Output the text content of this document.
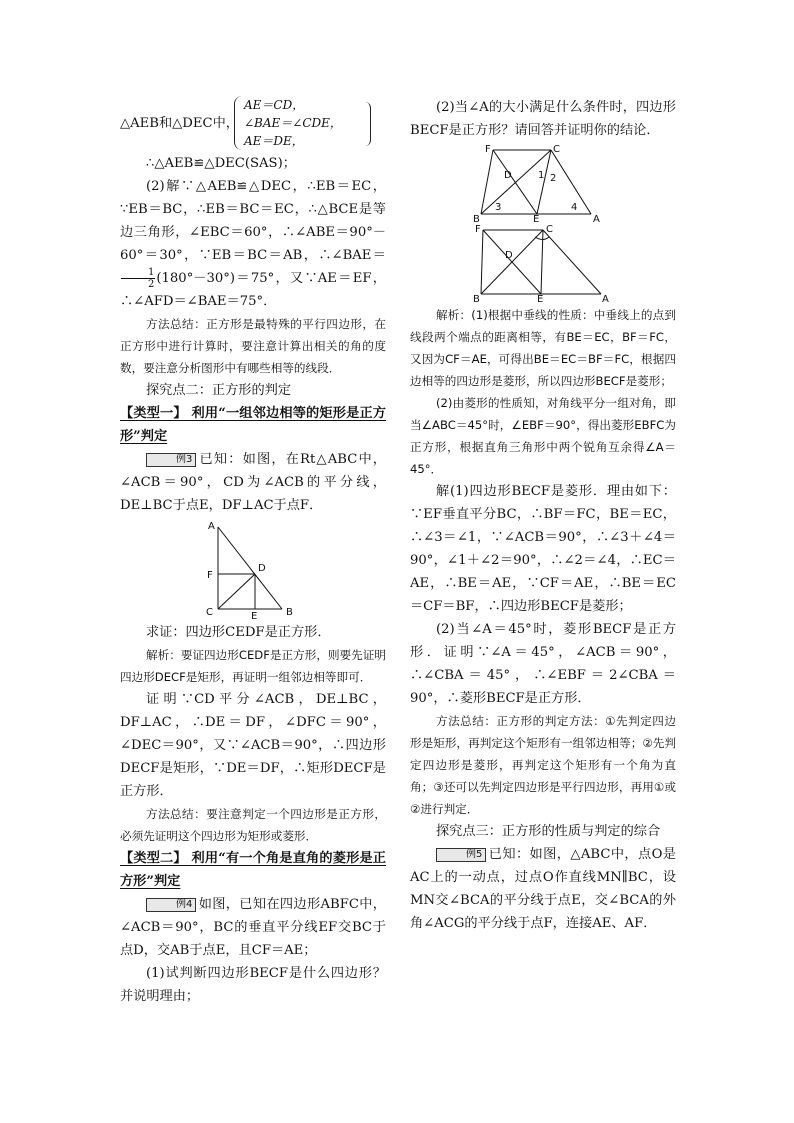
△AEB和△DEC中，
AE＝CD，
∠BAE＝∠CDE，
AE＝DE，

∴△AEB≌△DEC(SAS)；

(2)解∵△AEB≌△DEC，∴EB＝EC，∵EB＝BC，∴EB＝BC＝EC，∴△BCE是等边三角形，∠EBC＝60°，∴∠ABE＝90°－60°＝30°，∵EB＝BC＝AB，∴∠BAE＝
$\frac{1}{2} (180^\circ-30^\circ)=75^\circ$，又∵AE＝EF，∴∠AFD＝∠BAE＝75°．

方法总结：正方形是最特殊的平行四边形，在正方形中进行计算时，要注意计算出相关的角的度数，要注意分析图形中有哪些相等的线段．

探究点二：正方形的判定

【类型一】 利用“一组邻边相等的矩形是正方形”判定

例3 已知：如图，在Rt△ABC中，∠ACB＝90°，CD为∠ACB的平分线，DE⊥BC于点E，DF⊥AC于点F．

A
F
D
C	E	B

求证：四边形CEDF是正方形．

解析：要证四边形CEDF是正方形，则要先证明四边形DECF是矩形，再证明一组邻边相等即可．

证明∵CD平分∠ACB，DE⊥BC，DF⊥AC，∴DE＝DF，∠DFC＝90°，∠DEC＝90°，又∵∠ACB＝90°，∴四边形DECF是矩形，∵DE＝DF，∴矩形DECF是正方形．

方法总结：要注意判定一个四边形是正方形，必须先证明这个四边形为矩形或菱形．

【类型二】 利用“有一个角是直角的菱形是正方形”判定

例4 如图，已知在四边形ABFC中，∠ACB＝90°，BC的垂直平分线EF交BC于点D，交AB于点E，且CF＝AE；

(1)试判断四边形BECF是什么四边形？并说明理由；

(2)当∠A的大小满足什么条件时，四边形BECF是正方形？请回答并证明你的结论．

F	C
D	1 2
3	4
B	E	A
F	C
D
B	E	A

解析：(1)根据中垂线的性质：中垂线上的点到线段两个端点的距离相等，有BE＝EC，BF＝FC，又因为CF＝AE，可得出BE＝EC＝BF＝FC，根据四边相等的四边形是菱形，所以四边形BECF是菱形；

(2)由菱形的性质知，对角线平分一组对角，即当∠ABC＝45°时，∠EBF＝90°，得出菱形EBFC为正方形，根据直角三角形中两个锐角互余得∠A＝45°．

解(1)四边形BECF是菱形．理由如下：∵EF垂直平分BC，∴BF＝FC，BE＝EC，∴∠3＝∠1，∵∠ACB＝90°，∴∠3＋∠4＝90°，∠1＋∠2＝90°，∴∠2＝∠4，∴EC＝AE，∴BE＝AE，∵CF＝AE，∴BE＝EC＝CF＝BF，∴四边形BECF是菱形；

(2)当∠A＝45°时，菱形BECF是正方形．证明∵∠A＝45°，∠ACB＝90°，∴∠CBA＝45°，∴∠EBF＝2∠CBA＝90°，∴菱形BECF是正方形．

方法总结：正方形的判定方法：①先判定四边形是矩形，再判定这个矩形有一组邻边相等；②先判定四边形是菱形，再判定这个矩形有一个角为直角；③还可以先判定四边形是平行四边形，再用①或②进行判定．

探究点三：正方形的性质与判定的综合

例5 已知：如图，△ABC中，点O是AC上的一动点，过点O作直线MN∥BC，设MN交∠BCA的平分线于点E，交∠BCA的外角∠ACG的平分线于点F，连接AE、AF．
